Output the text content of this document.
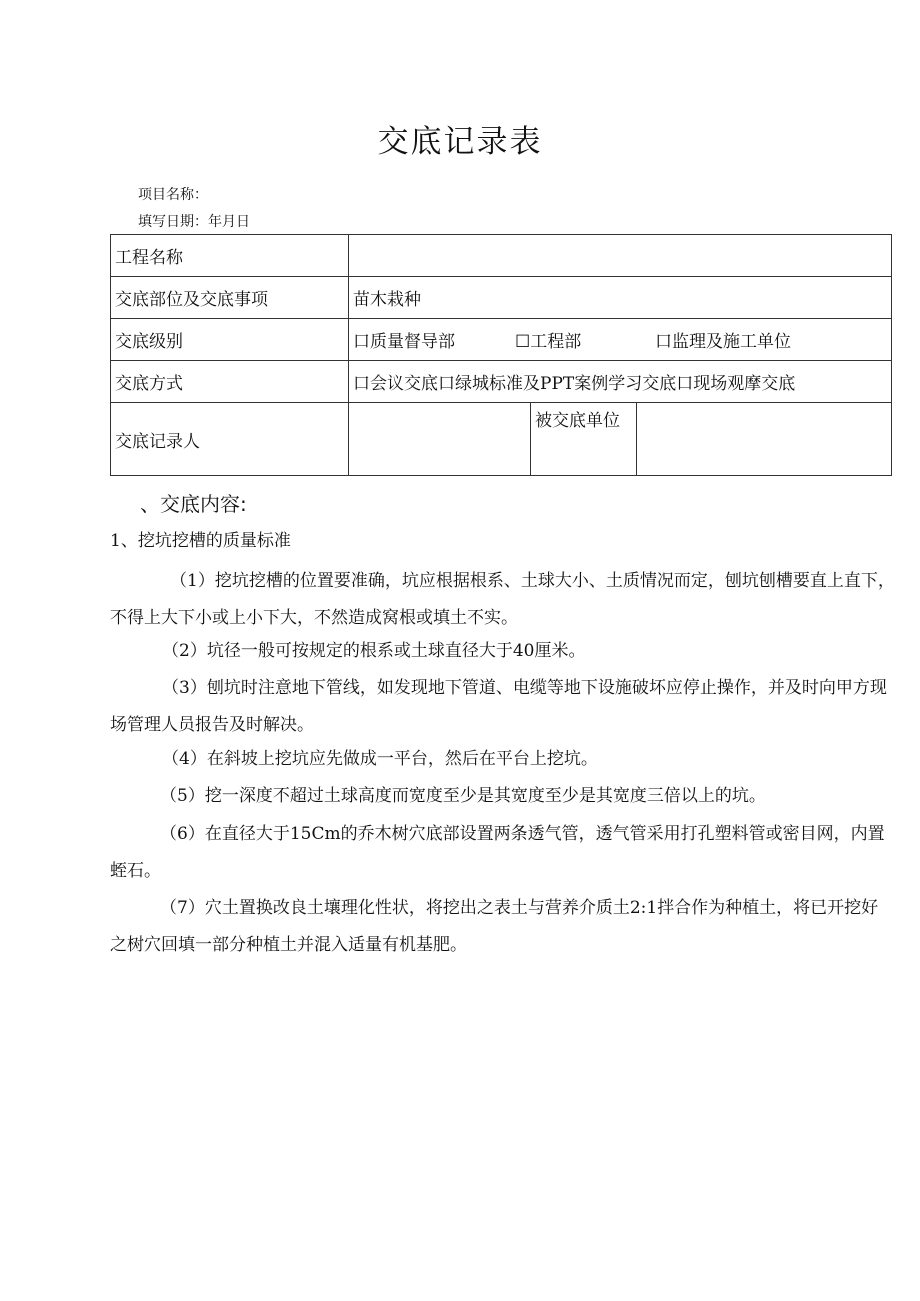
交底记录表
项目名称：
填写日期：年月日
工程名称			
交底部位及交底事项	苗木栽种		
交底级别	口质量督导部 ☐工程部 口监理及施工单位		
交底方式	口会议交底口绿城标准及PPT案例学习交底口现场观摩交底		
交底记录人		被交底单位	
、交底内容:
1、挖坑挖槽的质量标准

（1）挖坑挖槽的位置要准确，坑应根据根系、土球大小、土质情况而定，刨坑刨槽要直上直下，不得上大下小或上小下大，不然造成窝根或填土不实。

（2）坑径一般可按规定的根系或土球直径大于40厘米。

（3）刨坑时注意地下管线，如发现地下管道、电缆等地下设施破坏应停止操作，并及时向甲方现场管理人员报告及时解决。

（4）在斜坡上挖坑应先做成一平台，然后在平台上挖坑。

（5）挖一深度不超过土球高度而宽度至少是其宽度至少是其宽度三倍以上的坑。

（6）在直径大于15Cm的乔木树穴底部设置两条透气管，透气管采用打孔塑料管或密目网，内置蛭石。

（7）穴土置换改良土壤理化性状，将挖出之表土与营养介质土2:1拌合作为种植土，将已开挖好之树穴回填一部分种植土并混入适量有机基肥。
